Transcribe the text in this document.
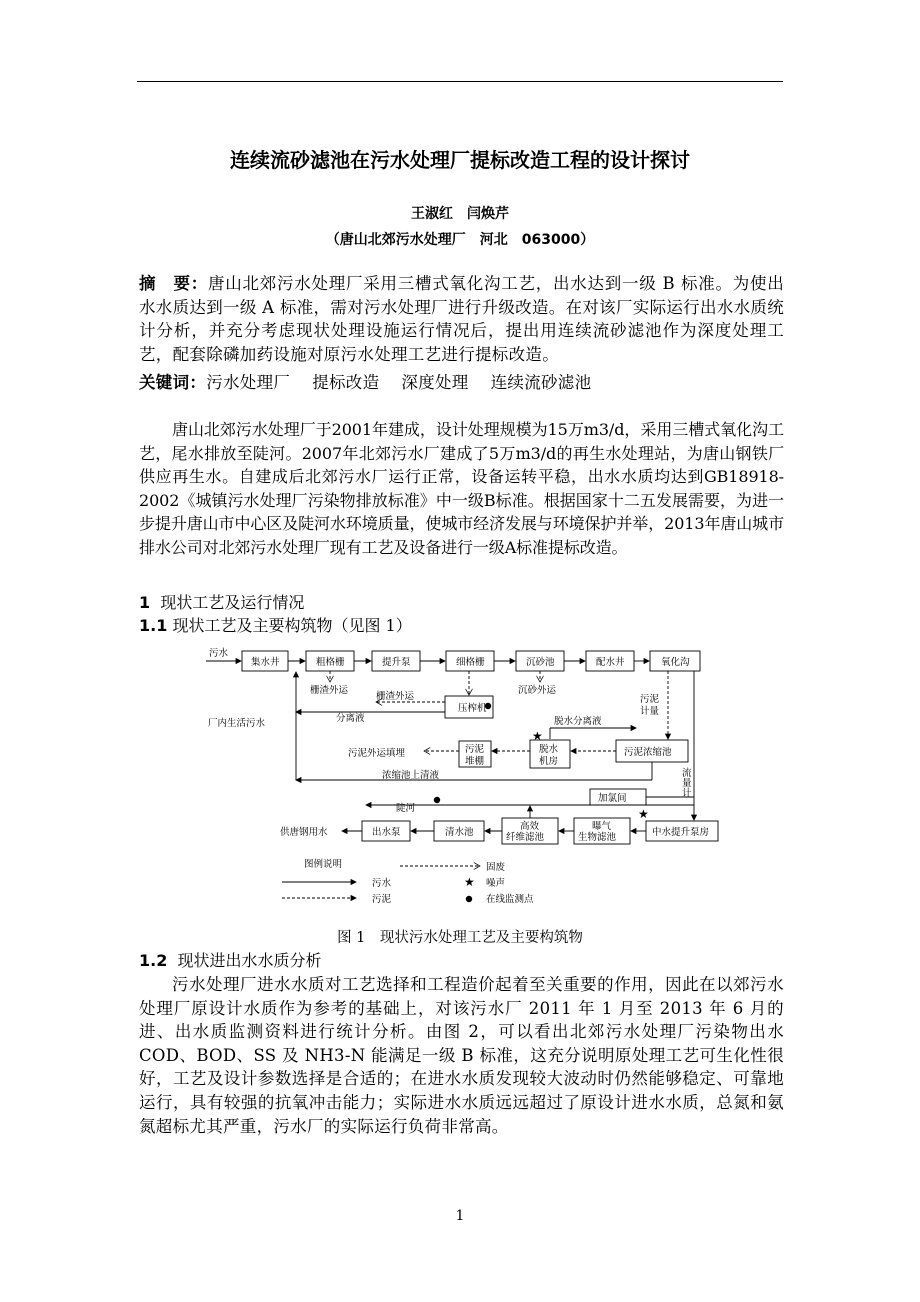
连续流砂滤池在污水处理厂提标改造工程的设计探讨
王淑红　闫焕芹
（唐山北郊污水处理厂　河北　063000）
摘　要：唐山北郊污水处理厂采用三槽式氧化沟工艺，出水达到一级 B 标准。为使出水水质达到一级 A 标准，需对污水处理厂进行升级改造。在对该厂实际运行出水水质统计分析，并充分考虑现状处理设施运行情况后，提出用连续流砂滤池作为深度处理工艺，配套除磷加药设施对原污水处理工艺进行提标改造。
关键词：污水处理厂 提标改造 深度处理 连续流砂滤池
唐山北郊污水处理厂于2001年建成，设计处理规模为15万m3/d，采用三槽式氧化沟工艺，尾水排放至陡河。2007年北郊污水厂建成了5万m3/d的再生水处理站，为唐山钢铁厂供应再生水。自建成后北郊污水厂运行正常，设备运转平稳，出水水质均达到GB18918-2002《城镇污水处理厂污染物排放标准》中一级B标准。根据国家十二五发展需要，为进一步提升唐山市中心区及陡河水环境质量，使城市经济发展与环境保护并举，2013年唐山城市排水公司对北郊污水处理厂现有工艺及设备进行一级A标准提标改造。
1 现状工艺及运行情况
1.1 现状工艺及主要构筑物（见图 1）
★
★
★
污水
集水井	粗格栅	提升泵	细格栅	沉砂池	配水井	氧化沟
压榨机
脱水
机房
污泥浓缩池
污泥
堆棚
加氯间
出水泵	清水池
高效
纤维滤池
曝气
生物滤池	中水提升泵房
栅渣外运	沉砂外运
栅渣外运
厂内生活污水	分离液	脱水分离液
污泥
计量
污泥外运填埋
浓缩池上清液	流
量
计
陡河
供唐钢用水
图例说明	固废
污水	噪声
污泥	在线监测点
图 1　现状污水处理工艺及主要构筑物
1.2 现状进出水水质分析
污水处理厂进水水质对工艺选择和工程造价起着至关重要的作用，因此在以郊污水处理厂原设计水质作为参考的基础上，对该污水厂 2011 年 1 月至 2013 年 6 月的进、出水质监测资料进行统计分析。由图 2，可以看出北郊污水处理厂污染物出水 COD、BOD、SS 及 NH3-N 能满足一级 B 标准，这充分说明原处理工艺可生化性很好，工艺及设计参数选择是合适的；在进水水质发现较大波动时仍然能够稳定、可靠地运行，具有较强的抗氧冲击能力；实际进水水质远远超过了原设计进水水质，总氮和氨氮超标尤其严重，污水厂的实际运行负荷非常高。
1
